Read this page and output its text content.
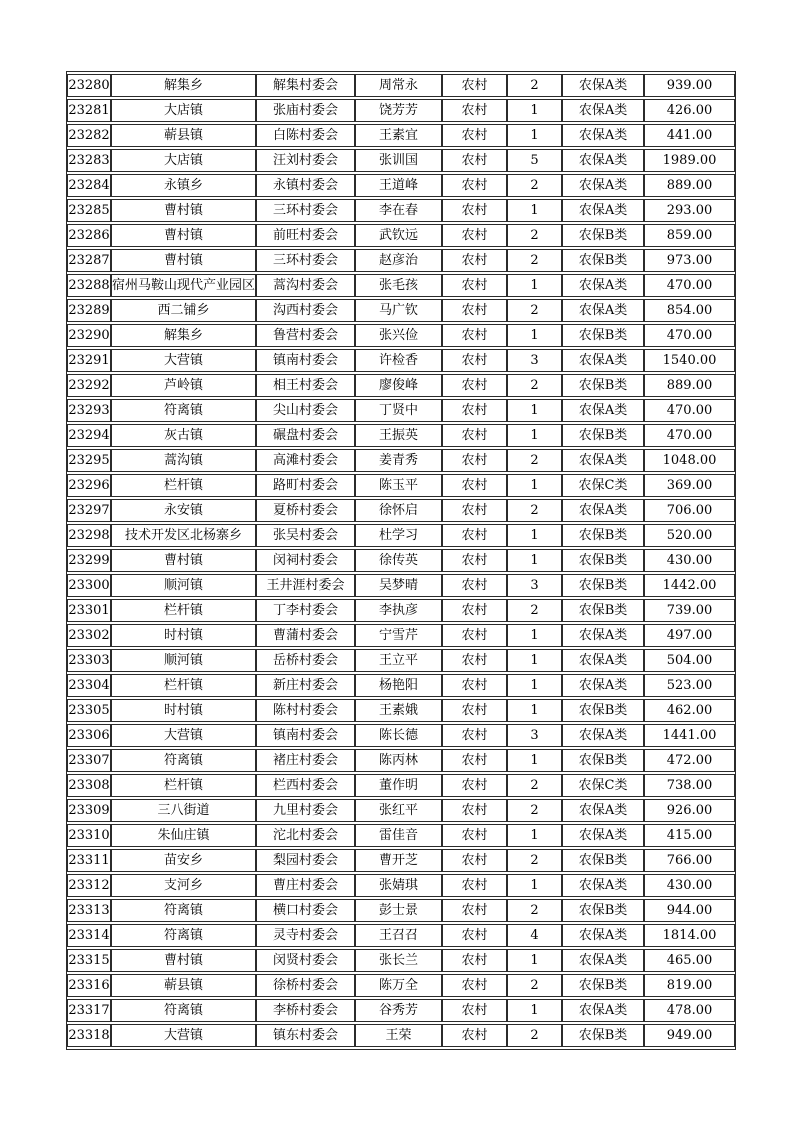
23280	解集乡	解集村委会	周常永	农村	2	农保A类	939.00
23281	大店镇	张庙村委会	饶芳芳	农村	1	农保A类	426.00
23282	蕲县镇	白陈村委会	王素宜	农村	1	农保A类	441.00
23283	大店镇	汪刘村委会	张训国	农村	5	农保A类	1989.00
23284	永镇乡	永镇村委会	王道峰	农村	2	农保A类	889.00
23285	曹村镇	三环村委会	李在春	农村	1	农保A类	293.00
23286	曹村镇	前旺村委会	武钦远	农村	2	农保B类	859.00
23287	曹村镇	三环村委会	赵彦治	农村	2	农保B类	973.00
23288	宿州马鞍山现代产业园区	蒿沟村委会	张毛孩	农村	1	农保A类	470.00
23289	西二铺乡	沟西村委会	马广钦	农村	2	农保A类	854.00
23290	解集乡	鲁营村委会	张兴俭	农村	1	农保B类	470.00
23291	大营镇	镇南村委会	许检香	农村	3	农保A类	1540.00
23292	芦岭镇	相王村委会	廖俊峰	农村	2	农保B类	889.00
23293	符离镇	尖山村委会	丁贤中	农村	1	农保A类	470.00
23294	灰古镇	碾盘村委会	王振英	农村	1	农保B类	470.00
23295	蒿沟镇	高滩村委会	姜青秀	农村	2	农保A类	1048.00
23296	栏杆镇	路町村委会	陈玉平	农村	1	农保C类	369.00
23297	永安镇	夏桥村委会	徐怀启	农村	2	农保A类	706.00
23298	技术开发区北杨寨乡	张吴村委会	杜学习	农村	1	农保B类	520.00
23299	曹村镇	闵祠村委会	徐传英	农村	1	农保B类	430.00
23300	顺河镇	王井涯村委会	吴梦晴	农村	3	农保B类	1442.00
23301	栏杆镇	丁李村委会	李执彦	农村	2	农保B类	739.00
23302	时村镇	曹蒲村委会	宁雪芹	农村	1	农保A类	497.00
23303	顺河镇	岳桥村委会	王立平	农村	1	农保A类	504.00
23304	栏杆镇	新庄村委会	杨艳阳	农村	1	农保A类	523.00
23305	时村镇	陈村村委会	王素娥	农村	1	农保B类	462.00
23306	大营镇	镇南村委会	陈长德	农村	3	农保A类	1441.00
23307	符离镇	褚庄村委会	陈丙林	农村	1	农保B类	472.00
23308	栏杆镇	栏西村委会	董作明	农村	2	农保C类	738.00
23309	三八街道	九里村委会	张红平	农村	2	农保A类	926.00
23310	朱仙庄镇	沱北村委会	雷佳音	农村	1	农保A类	415.00
23311	苗安乡	梨园村委会	曹开芝	农村	2	农保B类	766.00
23312	支河乡	曹庄村委会	张婧琪	农村	1	农保A类	430.00
23313	符离镇	横口村委会	彭士景	农村	2	农保B类	944.00
23314	符离镇	灵寺村委会	王召召	农村	4	农保A类	1814.00
23315	曹村镇	闵贤村委会	张长兰	农村	1	农保A类	465.00
23316	蕲县镇	徐桥村委会	陈万全	农村	2	农保B类	819.00
23317	符离镇	李桥村委会	谷秀芳	农村	1	农保A类	478.00
23318	大营镇	镇东村委会	王荣	农村	2	农保B类	949.00
